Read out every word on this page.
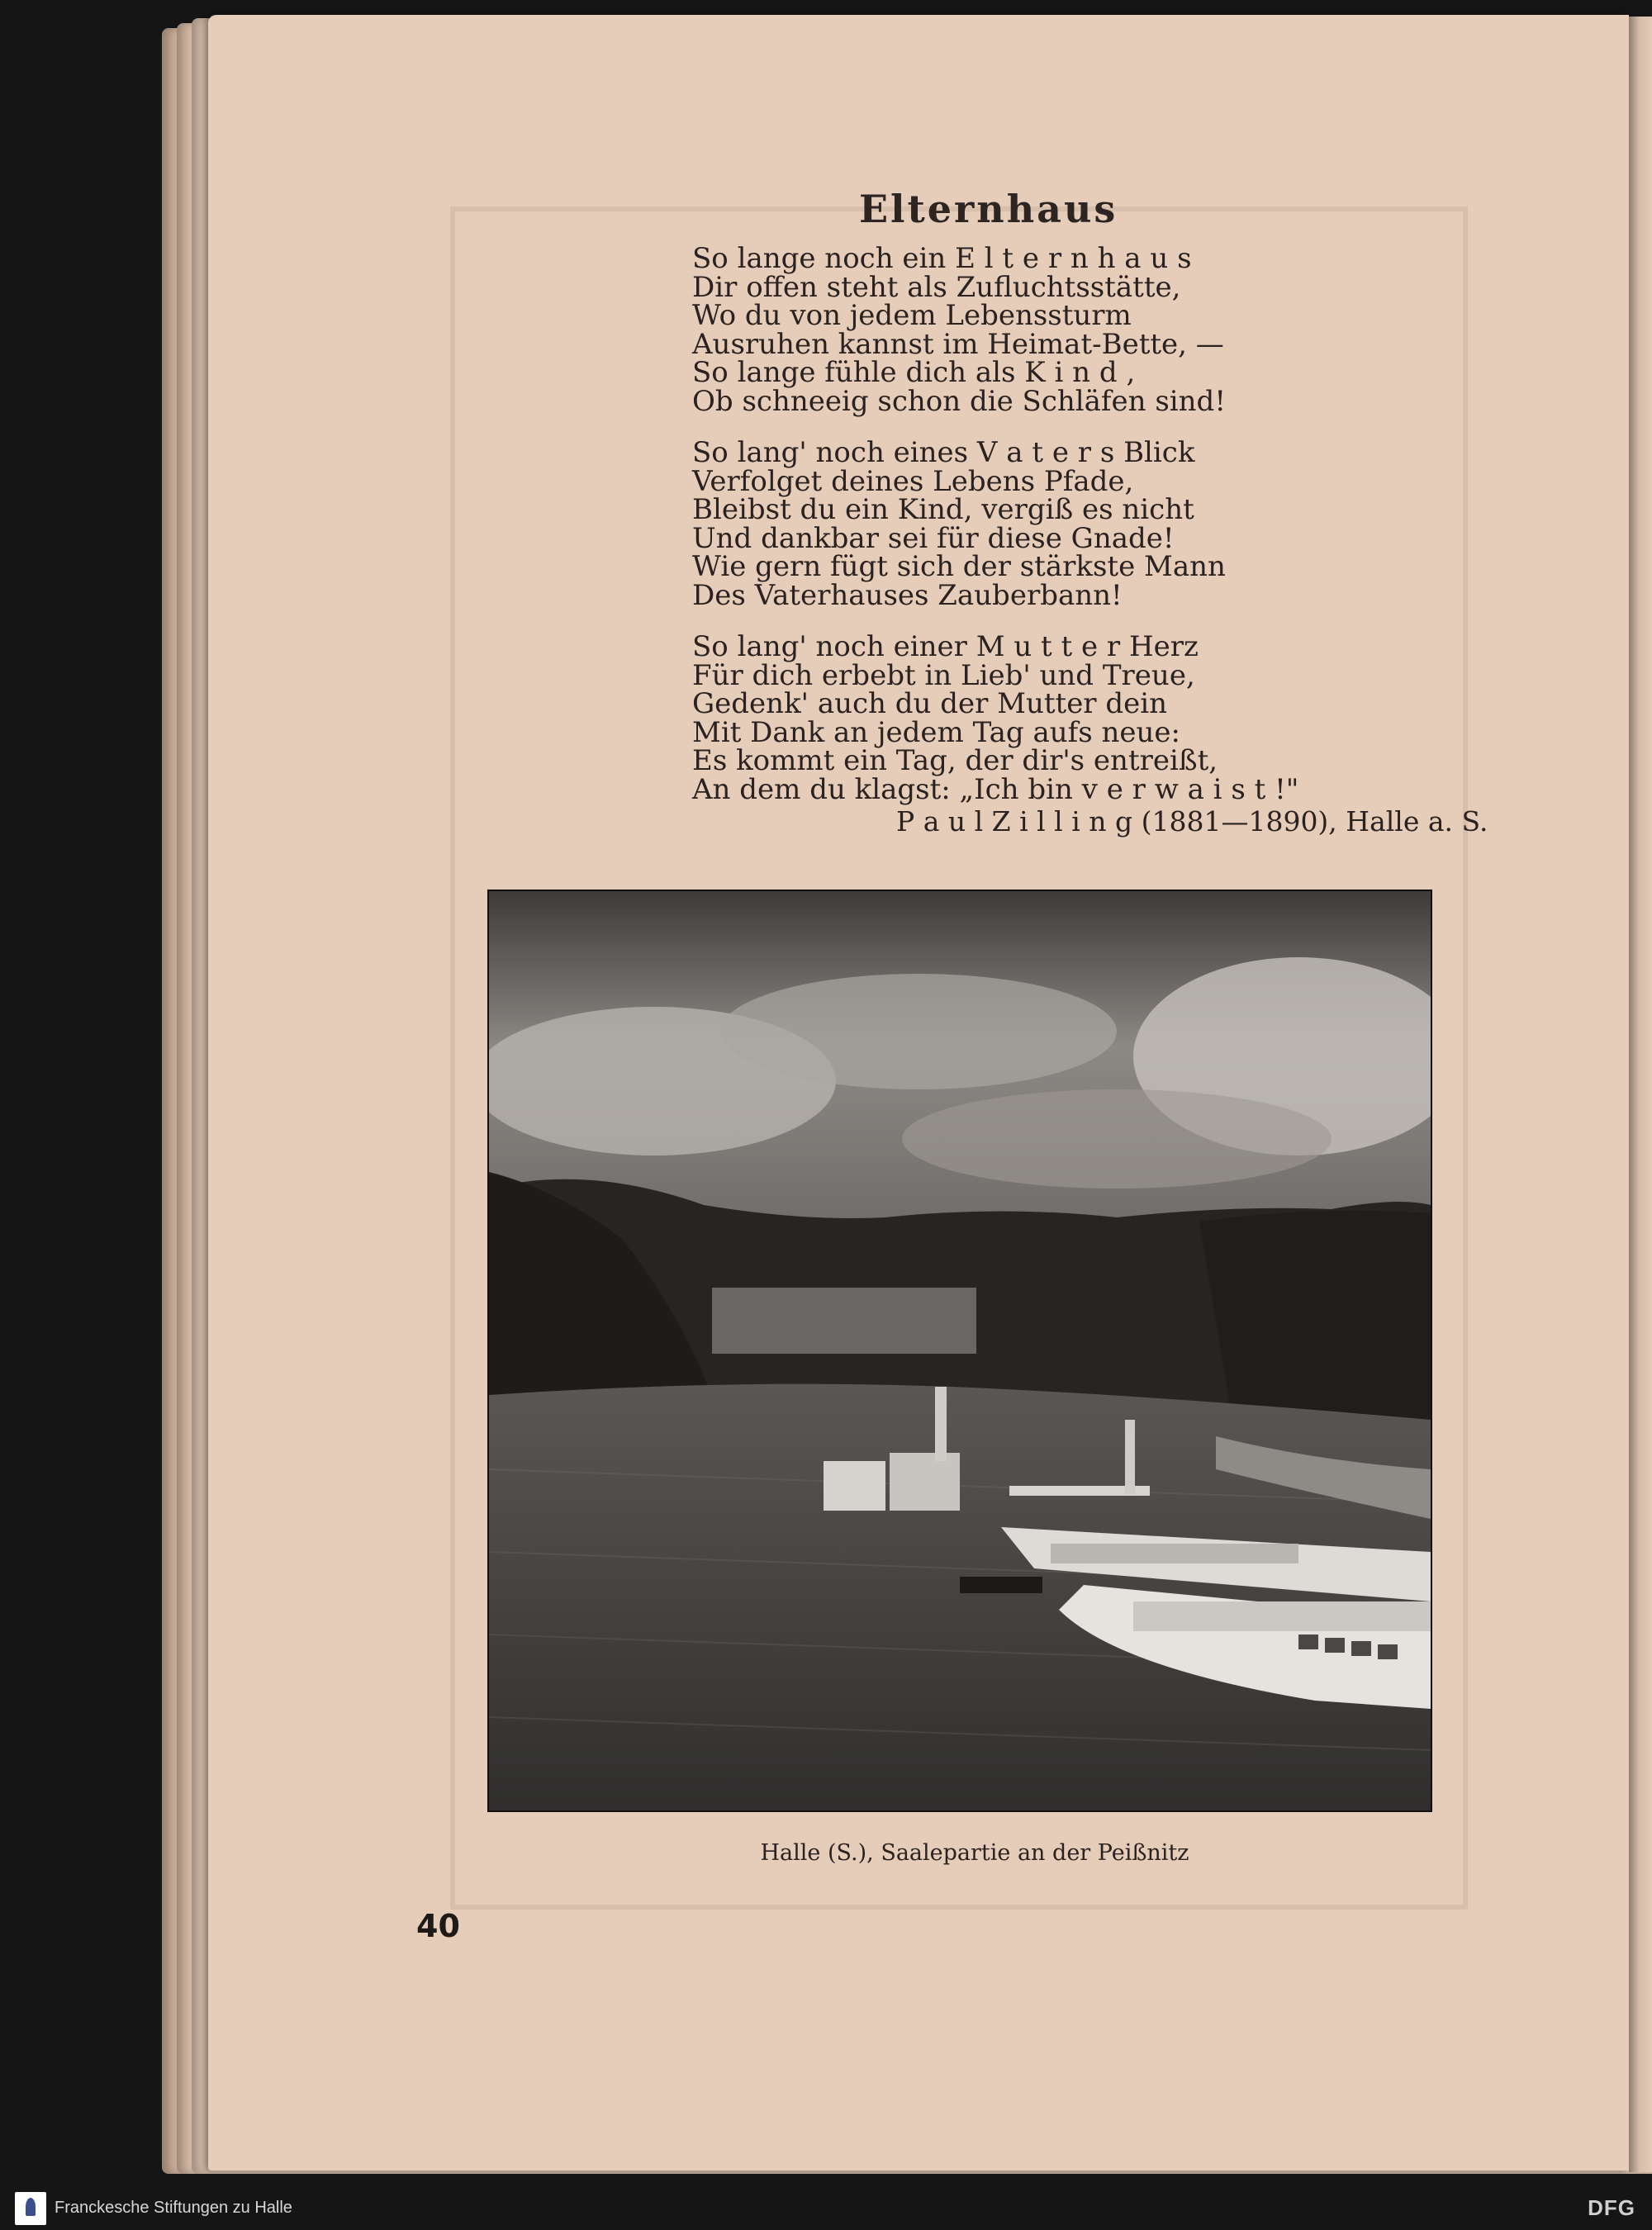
Elternhaus
So lange noch ein E l t e r n h a u s
Dir offen steht als Zufluchtsstätte,
Wo du von jedem Lebenssturm
Ausruhen kannst im Heimat-Bette, —
So lange fühle dich als K i n d ,
Ob schneeig schon die Schläfen sind!
So lang' noch eines V a t e r s Blick
Verfolget deines Lebens Pfade,
Bleibst du ein Kind, vergiß es nicht
Und dankbar sei für diese Gnade!
Wie gern fügt sich der stärkste Mann
Des Vaterhauses Zauberbann!
So lang' noch einer M u t t e r Herz
Für dich erbebt in Lieb' und Treue,
Gedenk' auch du der Mutter dein
Mit Dank an jedem Tag aufs neue:
Es kommt ein Tag, der dir's entreißt,
An dem du klagst: „Ich bin v e r w a i s t !"
P a u l Z i l l i n g (1881—1890), Halle a. S.
Halle (S.), Saalepartie an der Peißnitz
40
Franckesche Stiftungen zu Halle	DFG
